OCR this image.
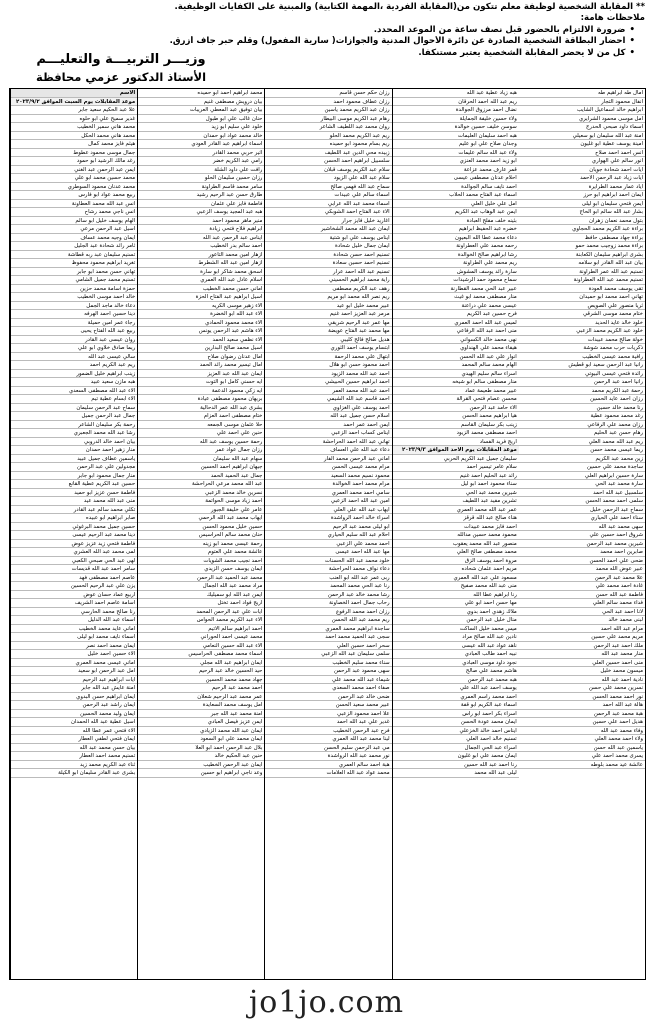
** المقابلة الشخصية لوظيفة معلم تتكون من(المقابلة الفردية ،المهمة الكتابية) والمبنية على الكفايات الوظيفية.
ملاحظات هامة:
• ضرورة الالتزام بالحضور قبل نصف ساعة من الموعد المحدد.
• احضار البطاقة الشخصية الصادرة عن دائرة الأحوال المدنية والجوازات( سارية المفعول) وقلم حبر جاف أزرق.
• كل من لا يحضر المقابلة الشخصية يعتبر مستنكفا.
وزيـــر التربيـــة والتعليـــم
الأستاذ الدكتور عزمي محافظة
الاسم
موعد المقابلات يوم السبت الموافق ٢٠٢٣/٩/٢
علا عبد الحكيم سعيد جابر
غدير سميح علي ابو حلوه
محمد هاني سمير الخطيب
محمد هاني محمد الحكل
هيثم فايز محمد كمال
جمال موسى محمود عطوط
رغد مالك الرشيد ابو حمود
ايمن عبد الرحمن عبد الغني
محمد حسين محمد ابو علي
محمد عدنان محمود السوطري
ربيع محمد عواد ابو فارس
انس عبد الله محمد العطاونة
انس ناجي محمد رشاح
الهام يوسف خليل ابو سالم
اسيل عبد الرحمن مرعي
ايمان وجيه محمد عساف
ثامر رائد شحادة عبد الجليل
تسنيم سليمان عبد ربه قطاشة
تغريد ابراهيم محمود محفوظ
تهاني حسن محمد ابو جابر
تسنيم محمد جميل الشامي
حمزة اسامة محمد حزين
خالد احمد موسى الخطيب
دعاء خالد ماجد الجمل
دينا حسين احمد الهرفه
رجاء عمر امين حميلة
ربيع عبد الله الفتاح يحيى
روان عيسى عبد القادر
ريما صادق خلاوي ابو علي
سالي عيسى عبد الله
ريم عبد الكريم احمد
زينب ابراهيم خليل الضمور
هبه مازن سعيد عبيد
الاء عبد الله مصطفى السعدي
الاء ابسام عطية تيم
سماح عبد الرحمن سليمان
جمال عبد الرحمن جميل
رحمة بكر سليمان الشاعر
رشا عبد الله محمد الجعبري
بيان احمد خالد الدروبي
منار زهير احمد حمدان
ياسمين عطاف جميل عبيد
مجدولين علي عبد الرحمن
منار جمال محمود ابو جابر
حسين عبد الكريم عطية القانع
فاطمة حسن عزيز ابو حميد
منى عبد الله محمد عيد
تكلي محمد سالم عبد القادر
صابر ابراهيم ابو عبيده
حسين جميل محمد البرغوثي
دينا محمد عبد الرحيم عيسى
فاطمة فتحي زيد عزيز عوض
لمى محمد عبد الله العشري
لهى عبد الحي صبحي الكعبي
سامر احمد عبد الله قديسات
عاصم احمد مصطفى فهد
يزن علي عبد الرحيم الحسين
اربيع عماد حسان عوض
اسامة عاصم احمد الشريف
رنا صالح محمد الحارسي
اسماء عبد الله الدليل
اماني عايد محمد الخطيب
اسماء نايف محمد ابو ليلى
ايمان محمد احمد نصر
الاء حسين احمد خليل
اماني عيسى محمد العمري
امل عبد الرحمن ابو سعيد
ايات ابراهيم عبد الرحيم
امنة عايش عبد الله جابر
ايمان ابراهيم حسن البدوي
ايمان راشد عبد الرحمن
ايمان وليد محمد الحسين
اسيل عطية عبد الله الحمدان
الاء فتحي عمر عطا الله
ايمان فتحي لطفي العطار
بيان حسن محمد عبد الله
تسنيم محمد احمد العطار
ثناء عبد الكريم محمد زيد
بشرى عبد القادر سليمان ابو الكيلة
محمد ابراهيم احمد ابو حميده
بيان درويش مصطفى غنيم
بيان توفيق عبد المعطي العريبات
حنان غالب علي ابو طبول
خلود علي سليم ابو زيد
خالد محمد عواد ابو حمدان
اسماء ابراهيم عبد القادر العودي
اثير حربي محمد القادر
رامي عبد الكريم خضر
رافت علي داود الشلة
رزان حسين سليمان الحلو
سامر محمد قاسم الطراونة
طارق حسن عبد الرحيم رشيد
فاطمة فايز علي عثمان
هبه عبد المجيد يوسف الزعبي
منير ماهر محمود احمد
ابراهيم فلاح فتحي زيادة
ايناس عبد الرحمن عبد الله
احمد سالم بدر الخطيب
ازهار امين محمد التاعور
ازهار امين عبد الله الشطرط
اسحق محمد شاكر ابو سارة
اسلام عادل عبد الله العمري
اماني حسن محمد الخطيب
اسيل ابراهيم عبد الفتاح الحزة
الاء زهير موسى الكريه
الاء عبد الله ابو الخضرة
الاء محمد محمود الحمادي
الاء هاشم عبد الرحمن يونس
الاء نظمي سعيد الحمد
اسيل محمد صالح البدارين
امال عدنان رضوان صلاح
امال تيسير محمد رائد الحمد
ايمان عبد الله عبد العزيز
ايه حسني كامل ابو التوت
ايه زكي محمود الدعمة
بريهان محمود مصطفى عيادة
بشرى عبد الله عمر الدحالية
ختام مصطفى احمد العزام
حلا عثمان موسى الجمعه
حنين علي احمد علي
رحمة حسين يوسف عبد الله
رزان جمال عواد عمر
سهام عبد الله سليمان
جيهان ابراهيم احمد الحسين
جمال عبد الحميد الحمد
عبد الله محمد مرعي الحراحشة
نسرين خالد محمد الزعبي
احمد زياد موسى الحواتمة
عامر علي خليفة الجبور
ايهاب محمد عبد الله الرحمي
حسين خليل محمود الحسن
حنان محمد سالم الحراسيس
رحمة عيسى محمد ابو زينه
عائشة محمد علي العتوم
احمد نجيب محمد الشويات
ايمان يوسف حسن الزيدي
محمد عبد الحميد عبد الرحمن
مراد محمد عبد الله الجمال
ايمن عبد الله ابو سميليك
اريج فواد احمد تختل
ايات علي عبد الرحمن المحمد
الاء عبد الكريم محمد الحواس
احمد ابراهيم سالم الاتيم
محمد عيسى احمد الحوراني
الاء عبد الله حسين النعامي
اسماء محمد مصطفى الحراسيس
ايمان ابراهيم عبد الله مجلي
حيد الحسين خالد عبد الرحيم
جهاد محمد محمد الحسين
احمد محمد عبد الرحيم
عمر محمد عبد الرحيم شعلان
امل يوسف محمد السعايدة
امنة محمد عبد الله جبر
ايمن عزيز فيصل العبادي
ايمان عبد الله محمد الزيادي
ايمان محمد علي ابو السعود
بلال عبد الرحمن احمد ابو العلا
حنين عبد الحكيم خالد
ايمان عبد الرحمن الخطيب
وعد ناجي ابراهيم ابو حسين
رزان حكم حسن قاسم
رزان عطاف محمود احمد
رزان عبد الكريم محمد ياسين
رهام عبد الكريم موسى البيطار
روان محمد عبد اللطيف الشاعر
ريم عبد الكريم محمد الحلو
ريم بسام محمود ابو حميده
زبيده محي الدين عبد اللطيف
سلسبيل ابراهيم احمد الحسن
سلام عبد الكريم يوسف قبلان
سلام عبد الله علي الزيود
سماح عبد الله فهمي صالح
اسماء سالم علي عبيدات
اسماء محمد عبد الله عرابي
الاء عبد الفتاح احمد الشوبكي
اغاريد خليل فايز جرار
ايمان عبد الله محمد الشخاشير
ايناس يوسف علي ابو شتية
ايمان جمال خليل شحادة
تسنيم احمد حسن شحادة
تسنيم احمد حسين سعادة
تسنيم عبد الله احمد عرار
راية محمد ابراهيم الحسيني
رهف عبد الكريم مصطفى
ريم نصر الله محمد ابو مريم
عبير محمد خليل ابو عيد
مرمر عبد العزيز احمد غنيم
مها عمر عبد الرحيم شريقي
مها محمد عبد الفتاح عويضة
هديل صالح فالح كليبي
ابتسام يوسف احمد الثوري
ابتهال علي محمد الرحمة
احمد محمود حسن ابو هلال
احمد عبد الله محمد الزيود
احمد ابراهيم حسين الحبيشي
احمد عبد الله محمد العمر
احمد قاسم عبد الله الشيمي
احمد يوسف علي الغزاوي
اسلام حسن جميل عبد الله
ايمن احمد عمر احمد
ايناس كساب احمد الزعبي
تهاني عبد الله احمد الحراحشة
دعاء عبد الله علي العساف
اماني عبد الرحمن محمد الفار
مرام محمد عيسى الحسن
محمود نسيم محمد السعيد
مرام محمد احمد الخوالدة
سامي احمد محمد العمري
امين عبد الله احمد الزعبي
ايهاب عبد الله علي العلي
اسراء خالد احمد الرواشدة
ابو ليلى محمد عبد الرحيم
احلام عبد الله سليم الحياري
احمد محمد علي الزعبي
مها عبد الله احمد عيسى
خلود محمد عبد الله الحسنات
دعاء نواف محمد الحراحشة
ربى عمر عبد الله ابو العنب
رنا عبد الحي محمد المحمد
رشا محمد خالد عبد الرحمن
رحاب جمال احمد الخصاونة
رزان احمد محمد الرفوع
ريم محمد عبد الله الحسن
ساجدة ابراهيم محمد العمري
سجى عبد الحميد محمد احمد
سحر احمد حسين العلي
سلمى سليمان عبد الله الزعبي
سناء محمد سليم الخطيب
سهى محمود عبد الرحمن
شيماء عبد الله محمد علي
صفاء احمد محمد السعدي
ضحى خالد عبد الرحمن
عبير محمد سعيد الحسن
علا احمد محمود الزعبي
غدير علي عبد الله احمد
فرح عبد الرحمن الخطيب
لينا محمد عبد الله العمري
مي عبد الرحمن سليم الحسن
نور محمد عبد الله الرواشدة
هبة احمد سالم العمري
محمد عواد عبد الله العلامات
هبه زياد عطية عبد الله
ريم عبد الله احمد الحرقان
نضال احمد مرزوق الجوالدة
ولاء حسين خليفة الجمايلة
سوسن خليف حسين خوالدة
هبه احمد سليمان العليمات
وجدان صلاح علي ابو عليم
ولاء عبد الله سالم عليمات
ابو زيد احمد محمد العنزي
قمر عارف محمد عزاعة
احلام عدنان مصطفى عيسى
احمد نايف سالم الجوالدة
اسماء عبد الفتاح محمد الحلاب
امل علي خليل العلي
ايمن عبد الوهاب عبد الكريم
بثينه خلف مفلح العبادة
خضره عبد الحفيظ ابراهيم
دعاء محمد عطا الله البعيون
رحمه محمد علي العطراونة
رشا ابراهيم صالح الخوالدة
ريم محمد علي الطراونة
سارة رائد يوسف المشوش
سماح محمود حمد الرشيدات
عبير عبد الحي محمد القطارنة
منار مصطفى محمد ابو غيث
عيسى محمد علي دراعنة
فرح حسين عبد الكريم
لميس عبد الله احمد العمري
منى احمد عبد الله الرفاعي
نهى محمد خالد الكسواني
هيفاء محمد علي الهنداوي
انوار علي عبد الله الحسن
الهام محمد سالم المحمد
اسراء سالم سليم الهيدي
منار مصطفى سالم ابو شيخه
عبير محمد طعيمة عماد
محسن عصام فتحي القرالة
الاء حامد عبد الرحمن
هيا ابراهيم محمد الحسن
زينب بكر سليمان القاسم
احمد مصطفى محمد الزيود
اريج فريد الفساد
موعد المقابلات يوم الاحد الموافق ٢٠٢٣/٩/٣
سليمان جميل عبد الكريم الحربي
سلام عامر تيسير احمد
رائد عبد الحليم احمد غنيم
سناء محمود احمد ابو ليل
شيرين محمد عبد الحي
تشرين مفيد عبد اللطيف
عمر عبد الله محمد العمري
هناء صالح عبد الله قرقز
احمد فايز محمد عبيدات
محمود محمد حسين مدالله
منصور عبد الله محمد يعقوب
محمد مصطفى صالح العلي
مروة احمد يوسف الزق
مريم احمد عثمان شحاده
مسعود علي عبد الله العمري
منى عبد الله محمد صفيح
رنا ابراهيم عطا الله
مها حسن احمد ابو علي
ملاك زهدي احمد بدوي
منال خليل عبد الرحمن
ميس محمد خليل الساكت
نادين عبد الله صالح مراد
ناهد عواد عبد الله عيسى
نبيه احمد طالب العبادي
نجود داود موسى العبادي
هاشم محمد علي صالح
هبه محمد عبد الرحمن
يوسف احمد عبد الله علي
احمد محمد راسم العمري
اسماء عبد الكريم ابو قفة
اسراء بكر احمد ابو راس
ايمان محمد عودة الحسن
ايناس احمد خالد الخزعلي
تسنيم خالد احمد العلي
اسراء عبد الحي الجمال
ايمان محمد علي ابو غليون
رنا احمد عبد الله حسين
ليلى عبد الله محمد
امال طه ابراهيم طه
انفال محمود التجار
ابراهيم خالد اسماعيل الشايب
امل موسى محمود الشرايري
اسماء داود صبحي الحدرج
امنة عبد الله سليمان ابو سعيلي
امينة يوسف عطية ابو غليون
انس احمد احمد صلاح
انور سالم علي الهواري
ايات احمد شحادة جويان
ايات زياد عبد الرحمن الاحمد
اياد عمار محمد الطرايرة
ايمان احمد ابراهيم ابو حرز
ايمن فتحي سليمان ابو ليلى
بشار عبد الله سالم ابو الحاج
بتول محمد نعمان زهران
براءة عبد الكريم محمد الحجاوي
براءة جهاد مصطفى حافظ
براءة محمد زوجيب محمد حمو
بشرى ابراهيم سليمان الكعابنة
بيان عبد الله القادر ابو سلامه
تسنيم عبد الله عمر الطراونة
تسنيم محمد عبد الله العطراونة
تقى يوسف محمد العودة
تهاني احمد محمد ابو حميدان
ثريا منصور علي الصويص
ختام محمد موسى الشرقي
خلود خالد عايد الحديد
خلود عبد الكريم محمد الزعبي
خولة صالح محمد عبيدات
ذكريات حرب محمد شوشة
رافية محمد عيسى الخطيب
رانيا عبد الرحمن سعيد ابو قطيش
رائدة فتحي عيسى البيوتي
رانيا احمد عبد الرحمن
رحمة عبد الكريم محمد
رزان احمد عايد الحسين
رنا محمد خالد حسين
رغد محمد محمود عطية
رزان محمد علي الرفاعي
رهام حسن عبد الحليم
ريم عبد الله محمد العلي
ريما عيسى محمد حسن
زين محمد عبد الكريم
ساجدة محمد علي حسين
سارة حسين ابراهيم العلي
سارة محمد عبد الحي
سلسبيل عبد الله احمد
سلمى احمد محمد الحسن
سماح عبد الرحمن خليل
سناء احمد علي الحياري
سهى محمد عبد الله
شروق احمد حسين علي
شيرين محمد عبد الرحمن
صابرين احمد محمد
ضحى علي احمد الحسن
عبير عوض الله محمد
علا محمد عبد الرحمن
غادة احمد محمد علي
فاطمة عبد الله حسن
فداء محمد سالم العلي
لانا احمد عبد الحي
لبنى محمد خالد
مرام عبد الله احمد
مريم محمد علي حسين
ملك احمد عبد الرحمن
منار محمد عبد الله
منى احمد حسين العلي
ميسون محمد خليل
نادية احمد عبد الله
نسرين محمد علي حسن
نور احمد محمد الحسن
هالة عبد الله احمد
هبة محمد عبد الرحمن
هديل احمد علي حسين
وفاء محمد عبد الله
ولاء احمد محمد العلي
ياسمين عبد الله حسن
يسرى محمد احمد علي
عائشة عيد محمد بلوطه
jo1jo.com
